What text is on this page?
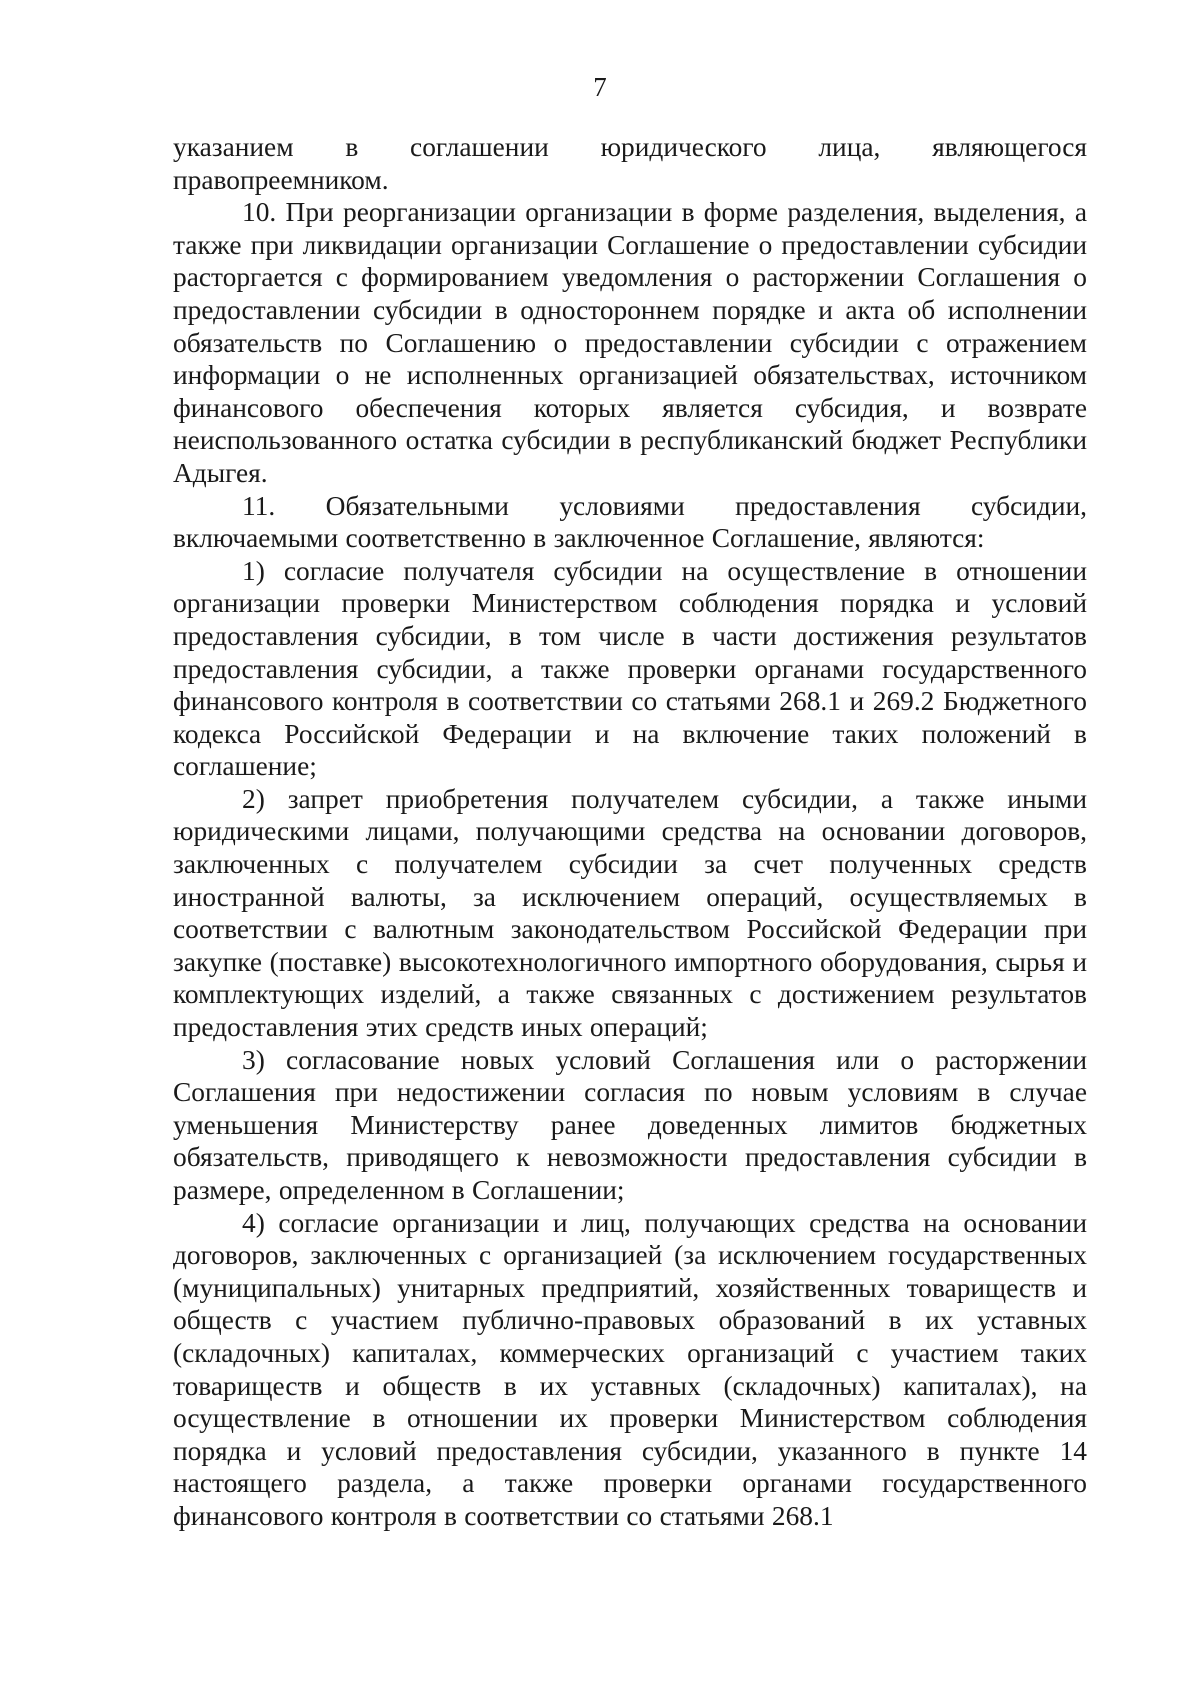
7

указанием в соглашении юридического лица, являющегося правопреемником.

10. При реорганизации организации в форме разделения, выделения, а также при ликвидации организации Соглашение о предоставлении субсидии расторгается с формированием уведомления о расторжении Соглашения о предоставлении субсидии в одностороннем порядке и акта об исполнении обязательств по Соглашению о предоставлении субсидии с отражением информации о не исполненных организацией обязательствах, источником финансового обеспечения которых является субсидия, и возврате неиспользованного остатка субсидии в республиканский бюджет Республики Адыгея.

11. Обязательными условиями предоставления субсидии, включаемыми соответственно в заключенное Соглашение, являются:

1) согласие получателя субсидии на осуществление в отношении организации проверки Министерством соблюдения порядка и условий предоставления субсидии, в том числе в части достижения результатов предоставления субсидии, а также проверки органами государственного финансового контроля в соответствии со статьями 268.1 и 269.2 Бюджетного кодекса Российской Федерации и на включение таких положений в соглашение;

2) запрет приобретения получателем субсидии, а также иными юридическими лицами, получающими средства на основании договоров, заключенных с получателем субсидии за счет полученных средств иностранной валюты, за исключением операций, осуществляемых в соответствии с валютным законодательством Российской Федерации при закупке (поставке) высокотехнологичного импортного оборудования, сырья и комплектующих изделий, а также связанных с достижением результатов предоставления этих средств иных операций;

3) согласование новых условий Соглашения или о расторжении Соглашения при недостижении согласия по новым условиям в случае уменьшения Министерству ранее доведенных лимитов бюджетных обязательств, приводящего к невозможности предоставления субсидии в размере, определенном в Соглашении;

4) согласие организации и лиц, получающих средства на основании договоров, заключенных с организацией (за исключением государственных (муниципальных) унитарных предприятий, хозяйственных товариществ и обществ с участием публично-правовых образований в их уставных (складочных) капиталах, коммерческих организаций с участием таких товариществ и обществ в их уставных (складочных) капиталах), на осуществление в отношении их проверки Министерством соблюдения порядка и условий предоставления субсидии, указанного в пункте 14 настоящего раздела, а также проверки органами государственного финансового контроля в соответствии со статьями 268.1
